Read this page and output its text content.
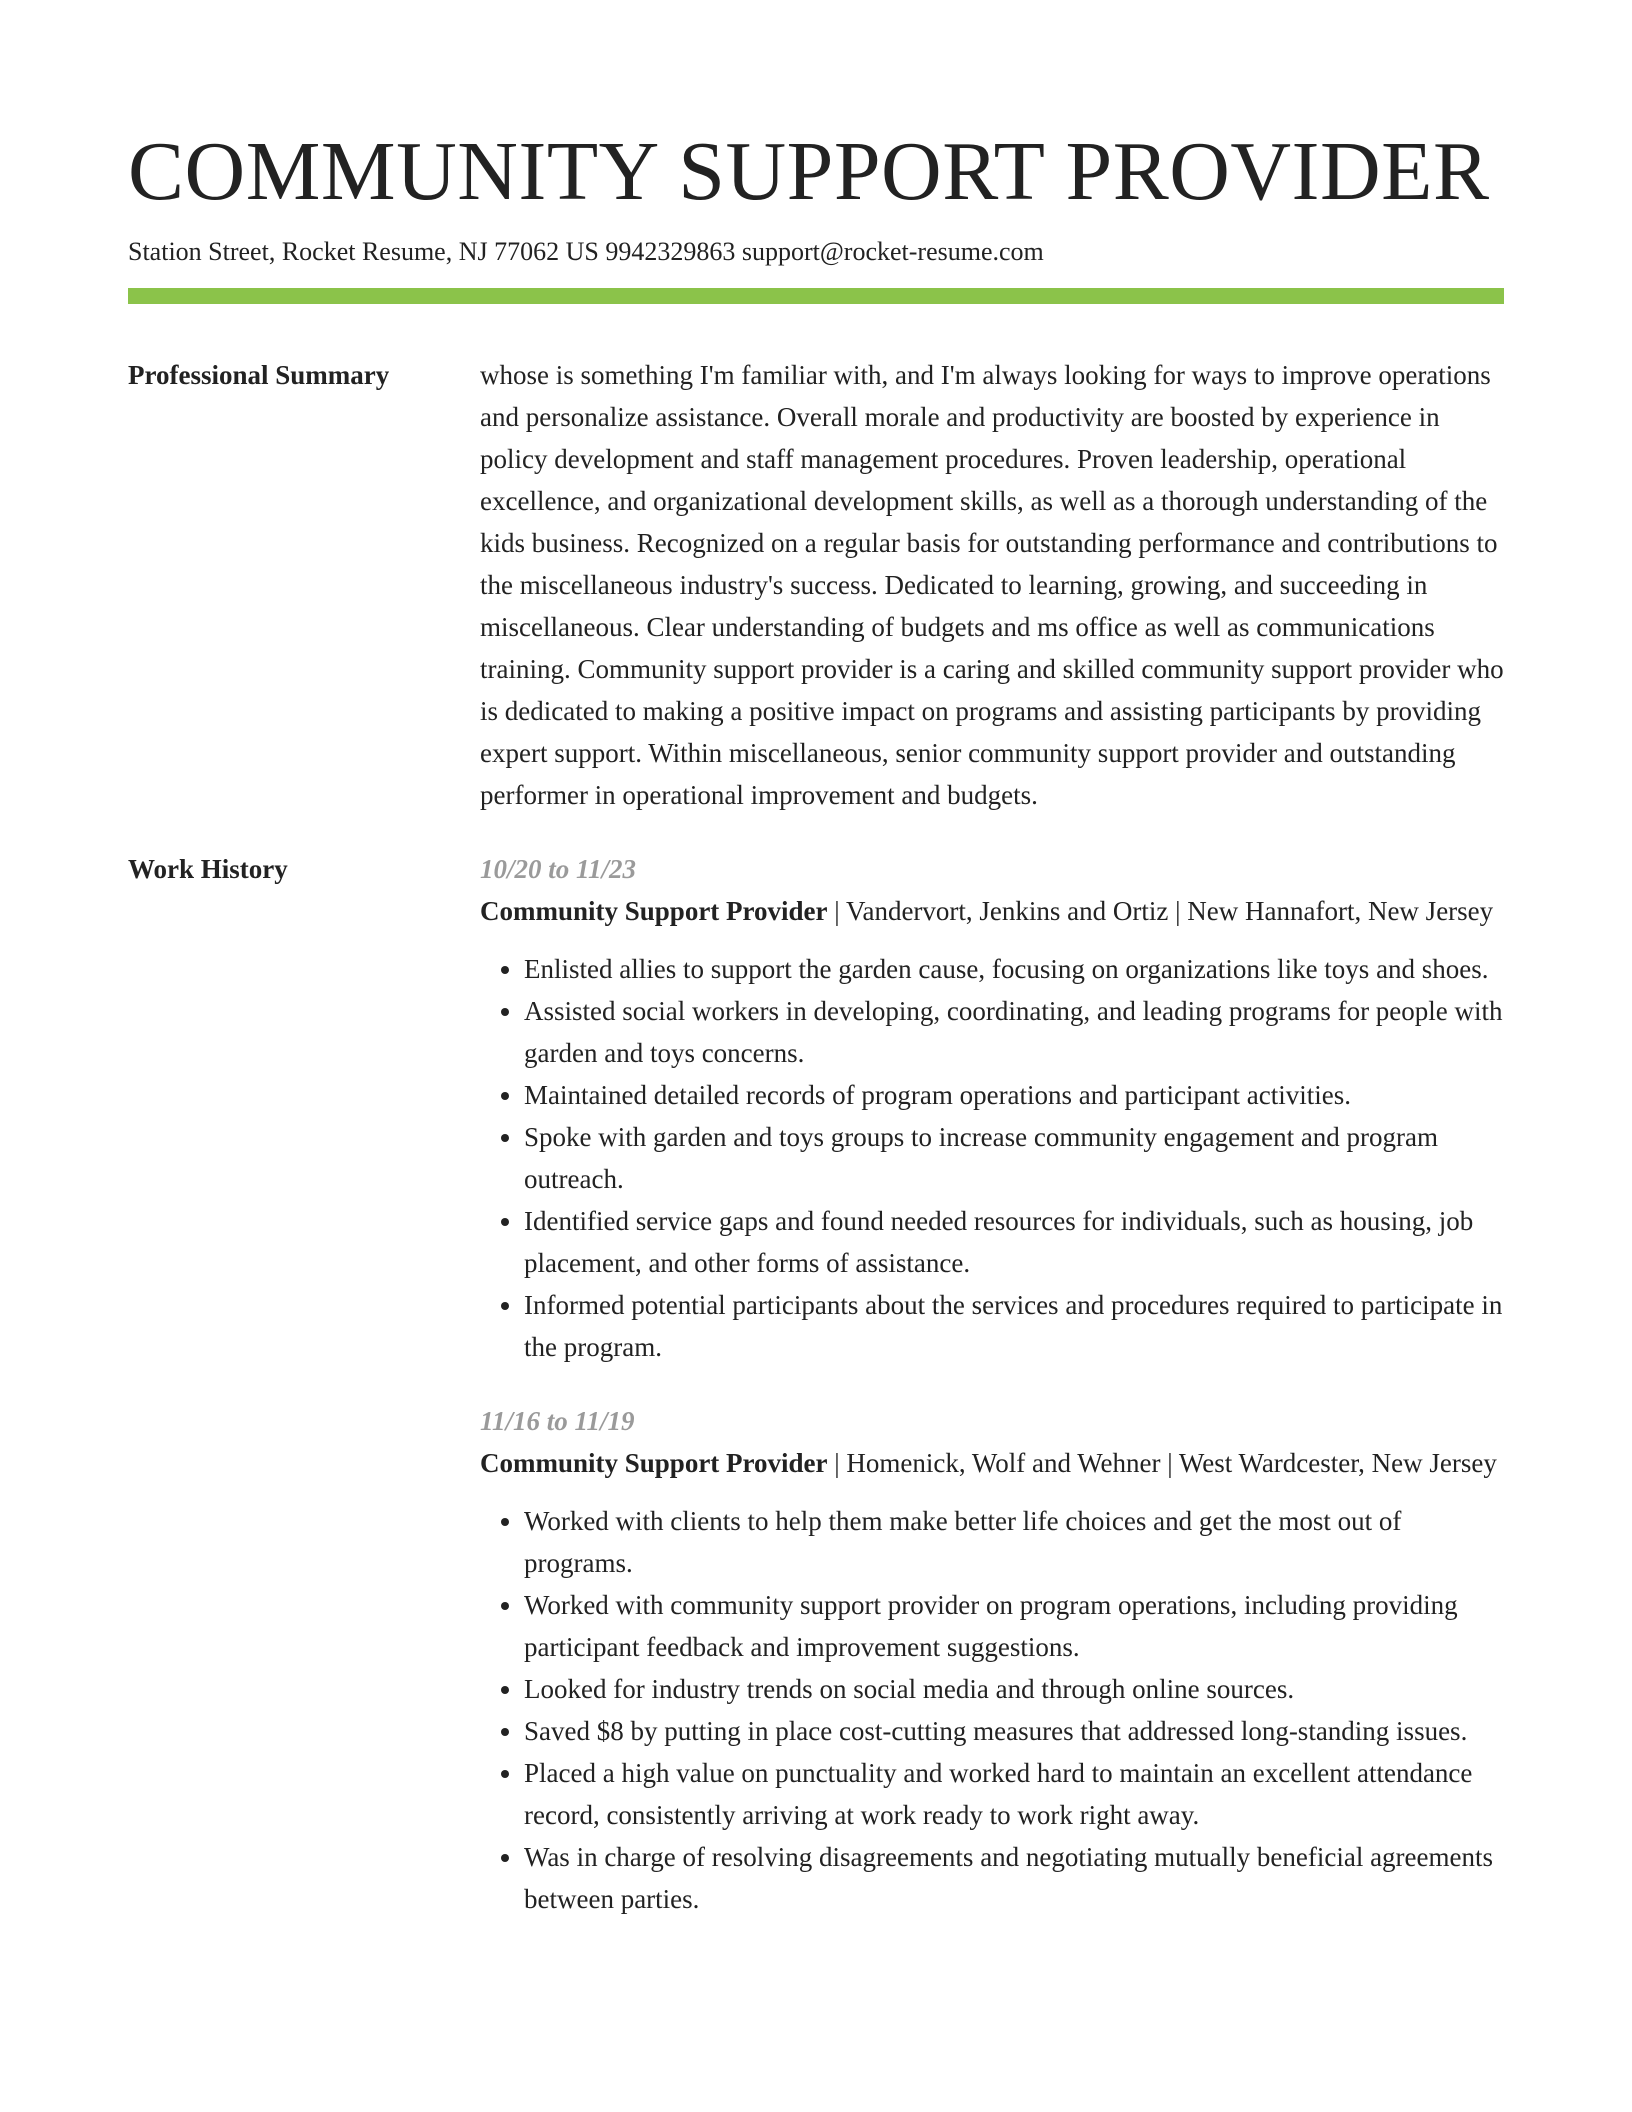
COMMUNITY SUPPORT PROVIDER
Station Street, Rocket Resume, NJ 77062 US 9942329863 support@rocket-resume.com
Professional Summary	whose is something I'm familiar with, and I'm always looking for ways to improve operations and personalize assistance. Overall morale and productivity are boosted by experience in policy development and staff management procedures. Proven leadership, operational excellence, and organizational development skills, as well as a thorough understanding of the kids business. Recognized on a regular basis for outstanding performance and contributions to the miscellaneous industry's success. Dedicated to learning, growing, and succeeding in miscellaneous. Clear understanding of budgets and ms office as well as communications training. Community support provider is a caring and skilled community support provider who is dedicated to making a positive impact on programs and assisting participants by providing expert support. Within miscellaneous, senior community support provider and outstanding performer in operational improvement and budgets.

Work History	10/20 to 11/23

Community Support Provider | Vandervort, Jenkins and Ortiz | New Hannafort, New Jersey

• Enlisted allies to support the garden cause, focusing on organizations like toys and shoes.
• Assisted social workers in developing, coordinating, and leading programs for people with garden and toys concerns.
• Maintained detailed records of program operations and participant activities.
• Spoke with garden and toys groups to increase community engagement and program outreach.
• Identified service gaps and found needed resources for individuals, such as housing, job placement, and other forms of assistance.
• Informed potential participants about the services and procedures required to participate in the program.
11/16 to 11/19

Community Support Provider | Homenick, Wolf and Wehner | West Wardcester, New Jersey

• Worked with clients to help them make better life choices and get the most out of programs.
• Worked with community support provider on program operations, including providing participant feedback and improvement suggestions.
• Looked for industry trends on social media and through online sources.
• Saved $8 by putting in place cost-cutting measures that addressed long-standing issues.
• Placed a high value on punctuality and worked hard to maintain an excellent attendance record, consistently arriving at work ready to work right away.
• Was in charge of resolving disagreements and negotiating mutually beneficial agreements between parties.
